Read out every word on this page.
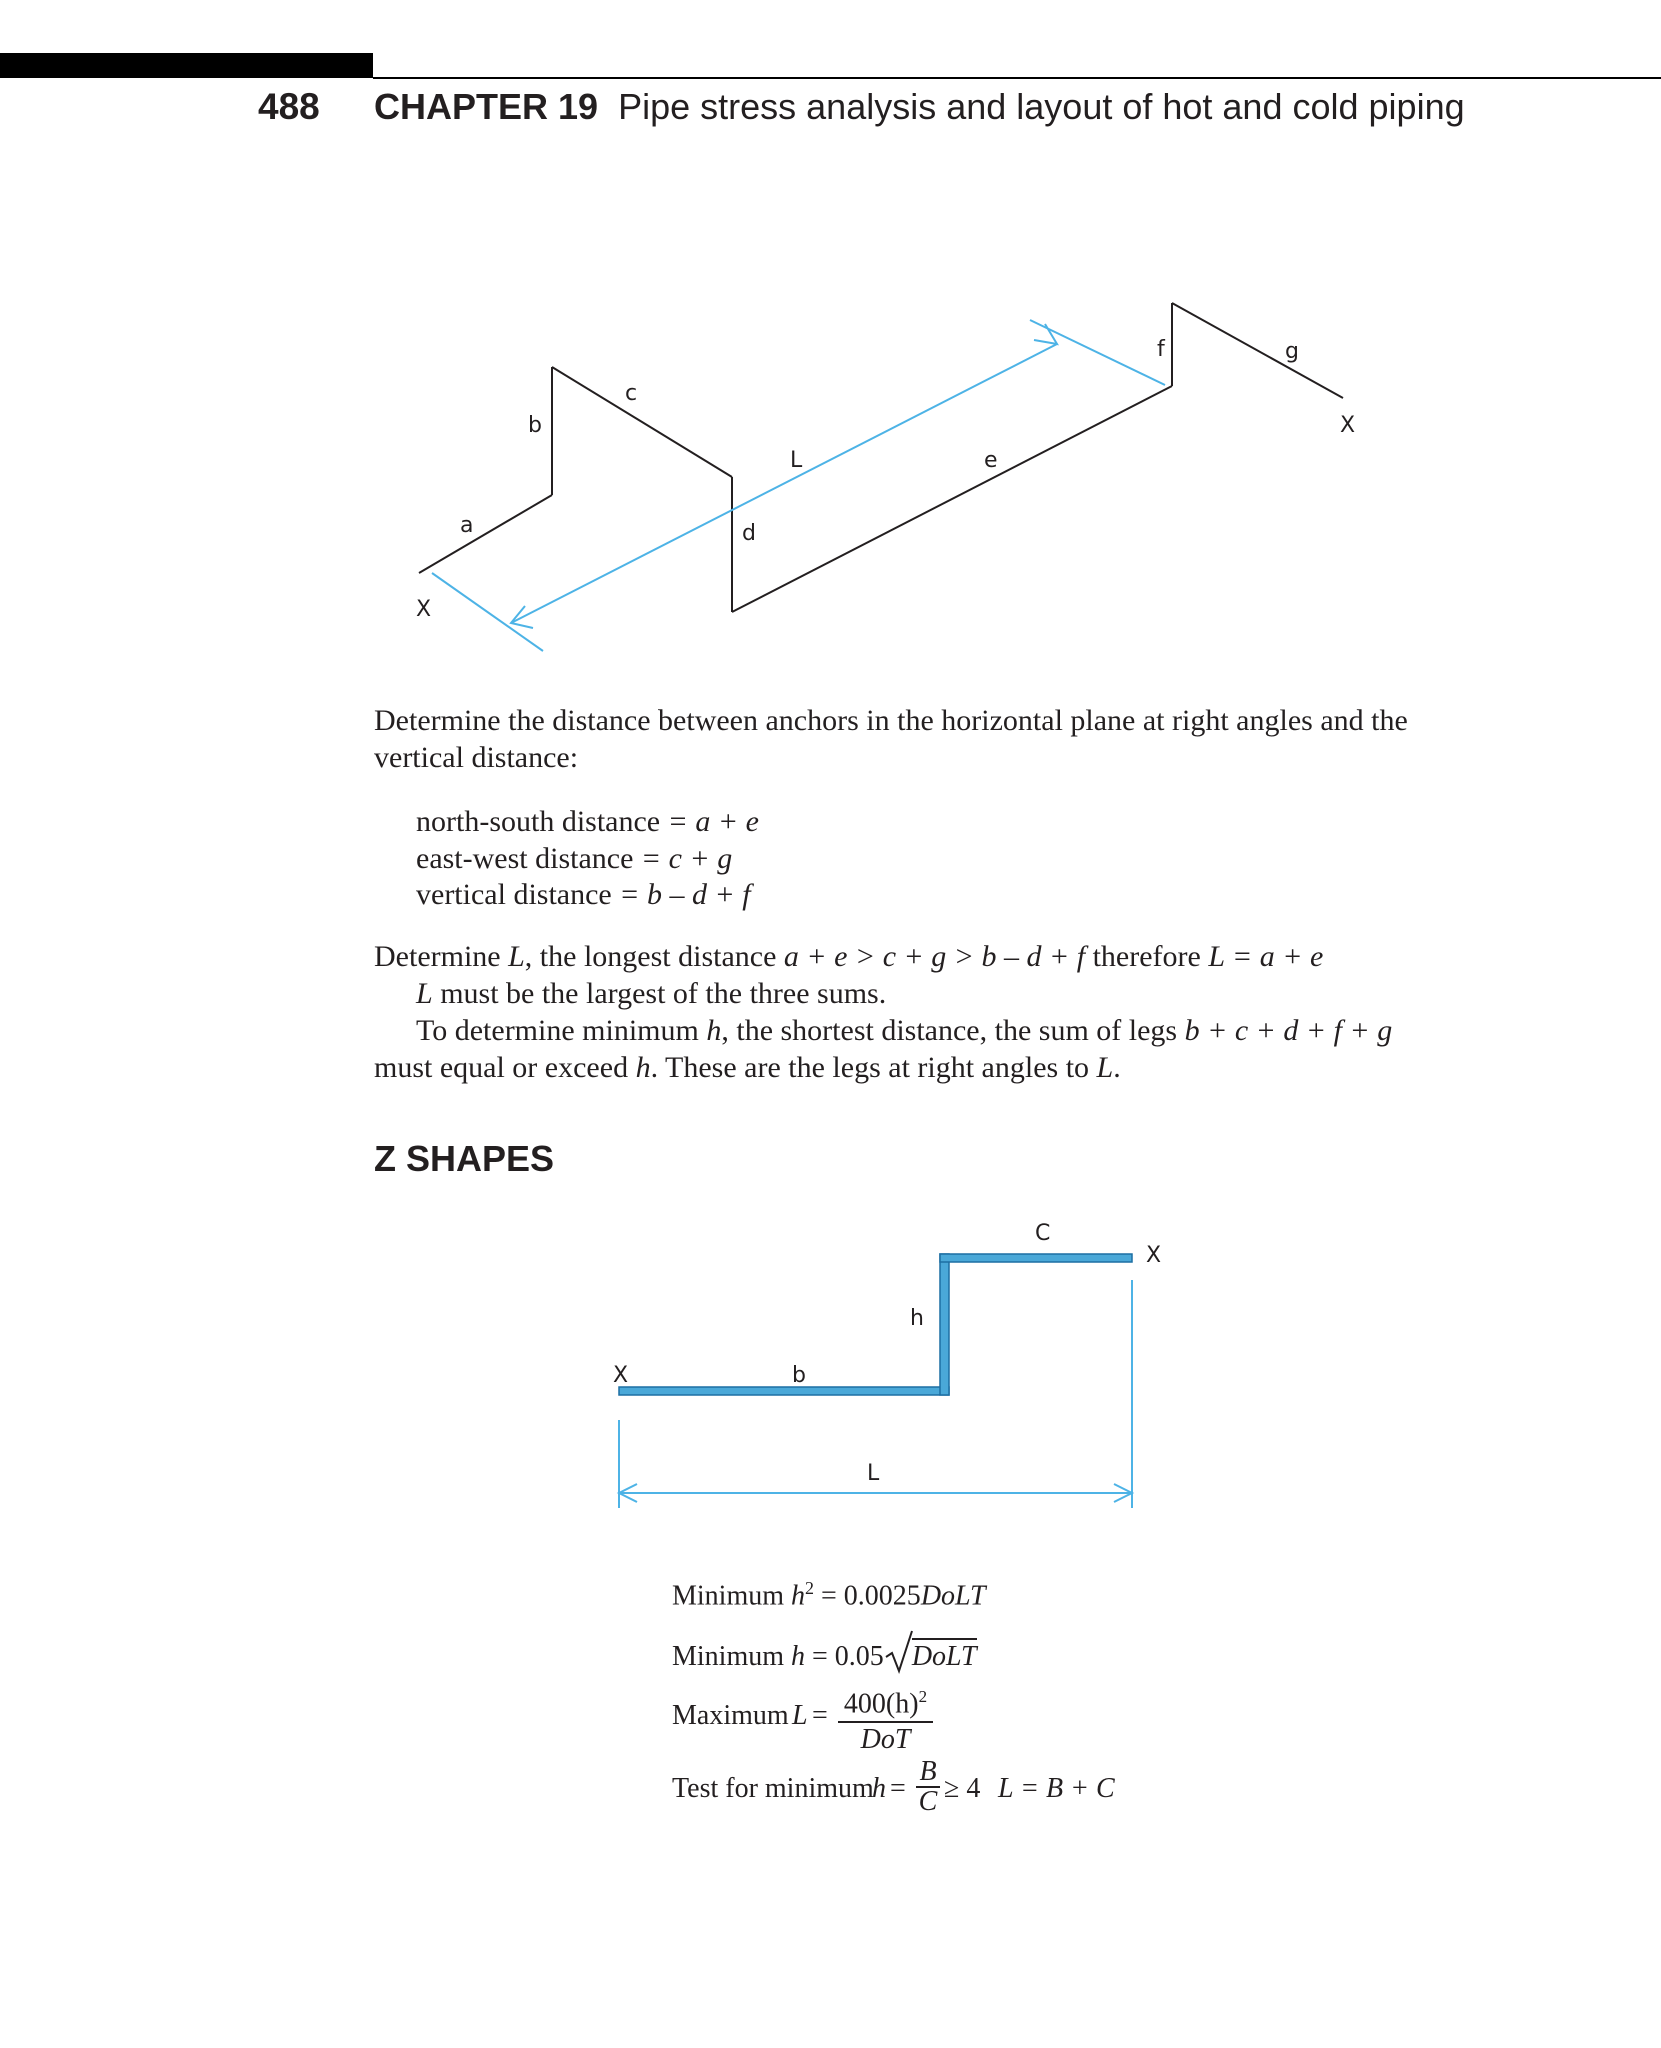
488 CHAPTER 19 Pipe stress analysis and layout of hot and cold piping
a
b
c
d
e
f	g
L
X
X

Determine the distance between anchors in the horizontal plane at right angles and the vertical distance:

north-south distance = a + e
east-west distance = c + g
vertical distance = b – d + f
Determine L, the longest distance a + e > c + g > b – d + f therefore L = a + e
L must be the largest of the three sums.
To determine minimum h, the shortest distance, the sum of legs b + c + d + f + g
must equal or exceed h. These are the legs at right angles to L.
Z SHAPES
X	b
h
C
X
L
Minimum $h^2$ = 0.0025DoLT
Minimum h = 0.05 DoLT
Maximum $L = 400(h)^2$
DoT
Test for minimum
$h = \frac{B}{C} \ge 4$ L = B + C
